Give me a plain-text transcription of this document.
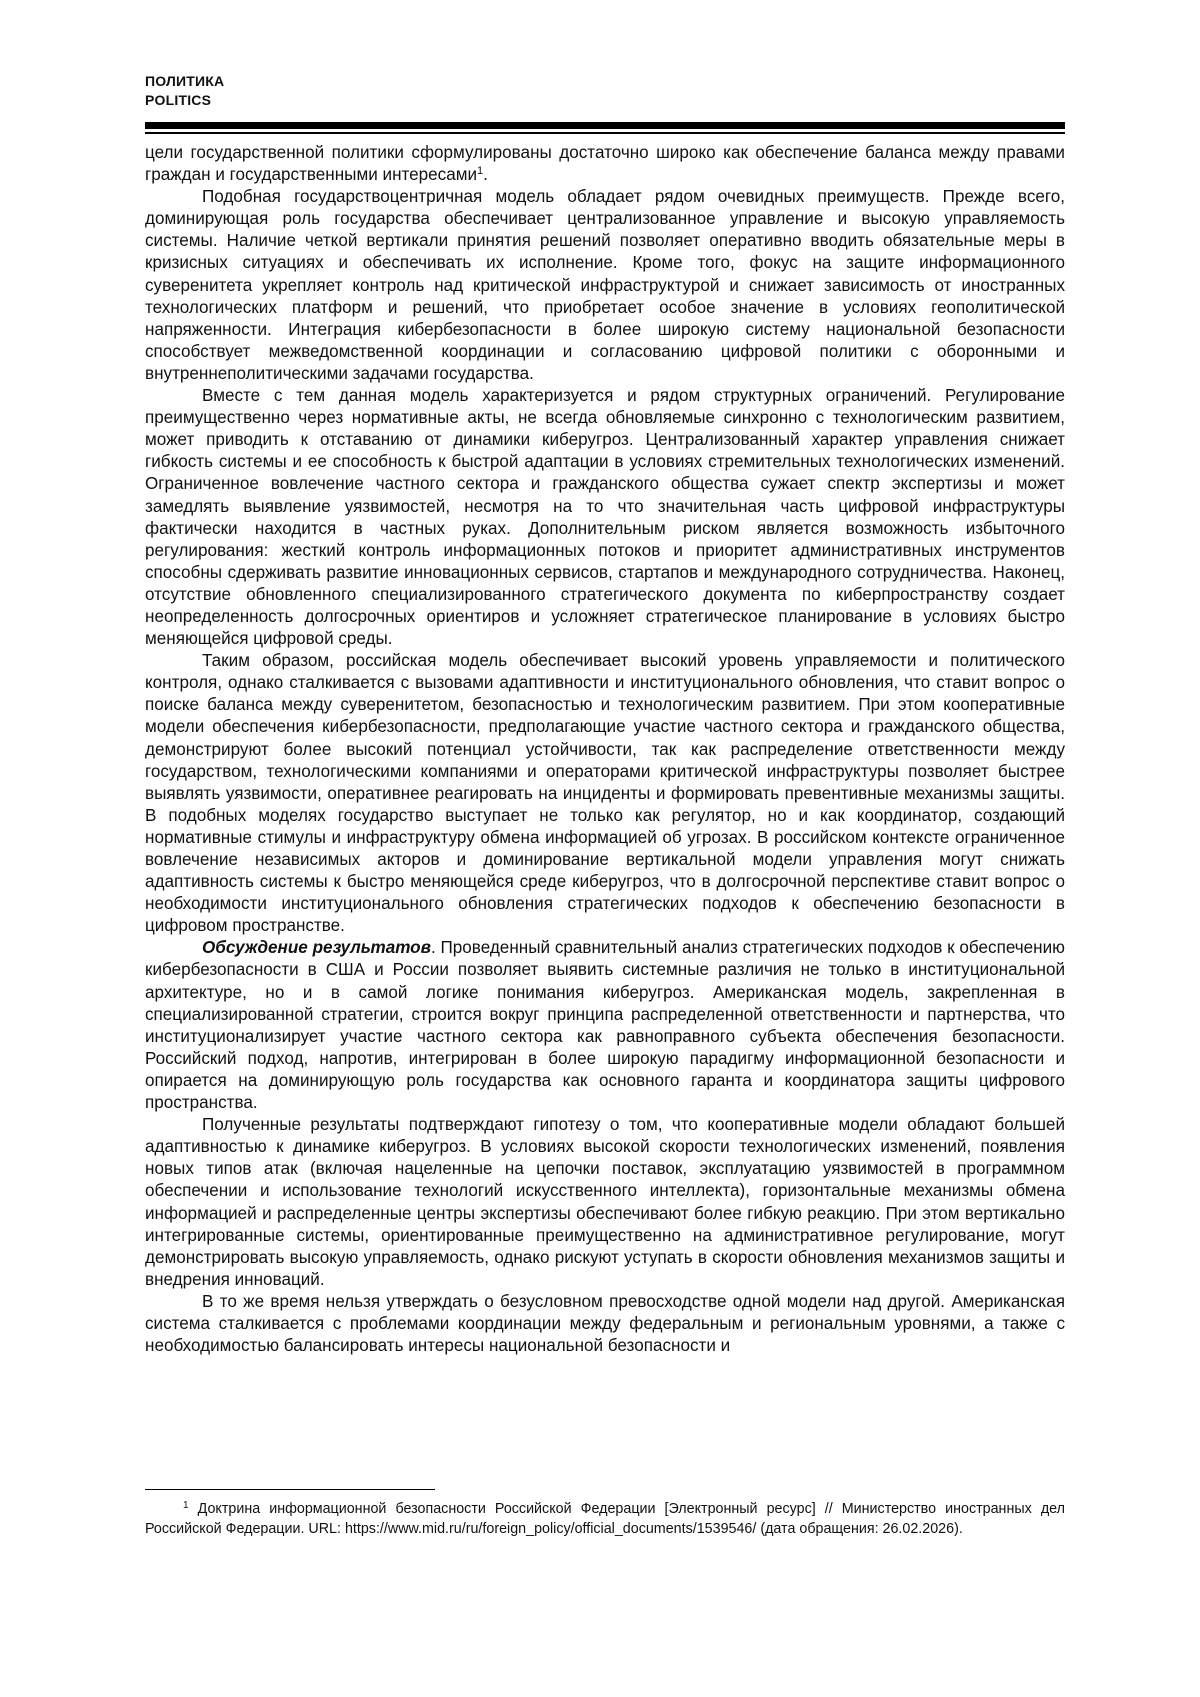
ПОЛИТИКА
POLITICS

цели государственной политики сформулированы достаточно широко как обеспечение баланса между правами граждан и государственными интересами$^1$.

Подобная государствоцентричная модель обладает рядом очевидных преимуществ. Прежде всего, доминирующая роль государства обеспечивает централизованное управление и высокую управляемость системы. Наличие четкой вертикали принятия решений позволяет оперативно вводить обязательные меры в кризисных ситуациях и обеспечивать их исполнение. Кроме того, фокус на защите информационного суверенитета укрепляет контроль над критической инфраструктурой и снижает зависимость от иностранных технологических платформ и решений, что приобретает особое значение в условиях геополитической напряженности. Интеграция кибербезопасности в более широкую систему национальной безопасности способствует межведомственной координации и согласованию цифровой политики с оборонными и внутреннеполитическими задачами государства.

Вместе с тем данная модель характеризуется и рядом структурных ограничений. Регулирование преимущественно через нормативные акты, не всегда обновляемые синхронно с технологическим развитием, может приводить к отставанию от динамики киберугроз. Централизованный характер управления снижает гибкость системы и ее способность к быстрой адаптации в условиях стремительных технологических изменений. Ограниченное вовлечение частного сектора и гражданского общества сужает спектр экспертизы и может замедлять выявление уязвимостей, несмотря на то что значительная часть цифровой инфраструктуры фактически находится в частных руках. Дополнительным риском является возможность избыточного регулирования: жесткий контроль информационных потоков и приоритет административных инструментов способны сдерживать развитие инновационных сервисов, стартапов и международного сотрудничества. Наконец, отсутствие обновленного специализированного стратегического документа по киберпространству создает неопределенность долгосрочных ориентиров и усложняет стратегическое планирование в условиях быстро меняющейся цифровой среды.

Таким образом, российская модель обеспечивает высокий уровень управляемости и политического контроля, однако сталкивается с вызовами адаптивности и институционального обновления, что ставит вопрос о поиске баланса между суверенитетом, безопасностью и технологическим развитием. При этом кооперативные модели обеспечения кибербезопасности, предполагающие участие частного сектора и гражданского общества, демонстрируют более высокий потенциал устойчивости, так как распределение ответственности между государством, технологическими компаниями и операторами критической инфраструктуры позволяет быстрее выявлять уязвимости, оперативнее реагировать на инциденты и формировать превентивные механизмы защиты. В подобных моделях государство выступает не только как регулятор, но и как координатор, создающий нормативные стимулы и инфраструктуру обмена информацией об угрозах. В российском контексте ограниченное вовлечение независимых акторов и доминирование вертикальной модели управления могут снижать адаптивность системы к быстро меняющейся среде киберугроз, что в долгосрочной перспективе ставит вопрос о необходимости институционального обновления стратегических подходов к обеспечению безопасности в цифровом пространстве.

Обсуждение результатов. Проведенный сравнительный анализ стратегических подходов к обеспечению кибербезопасности в США и России позволяет выявить системные различия не только в институциональной архитектуре, но и в самой логике понимания киберугроз. Американская модель, закрепленная в специализированной стратегии, строится вокруг принципа распределенной ответственности и партнерства, что институционализирует участие частного сектора как равноправного субъекта обеспечения безопасности. Российский подход, напротив, интегрирован в более широкую парадигму информационной безопасности и опирается на доминирующую роль государства как основного гаранта и координатора защиты цифрового пространства.

Полученные результаты подтверждают гипотезу о том, что кооперативные модели обладают большей адаптивностью к динамике киберугроз. В условиях высокой скорости технологических изменений, появления новых типов атак (включая нацеленные на цепочки поставок, эксплуатацию уязвимостей в программном обеспечении и использование технологий искусственного интеллекта), горизонтальные механизмы обмена информацией и распределенные центры экспертизы обеспечивают более гибкую реакцию. При этом вертикально интегрированные системы, ориентированные преимущественно на административное регулирование, могут демонстрировать высокую управляемость, однако рискуют уступать в скорости обновления механизмов защиты и внедрения инноваций.

В то же время нельзя утверждать о безусловном превосходстве одной модели над другой. Американская система сталкивается с проблемами координации между федеральным и региональным уровнями, а также с необходимостью балансировать интересы национальной безопасности и

$^1$ Доктрина информационной безопасности Российской Федерации [Электронный ресурс] // Министерство иностранных дел Российской Федерации. URL: https://www.mid.ru/ru/foreign_policy/official_documents/1539546/ (дата обращения: 26.02.2026).
